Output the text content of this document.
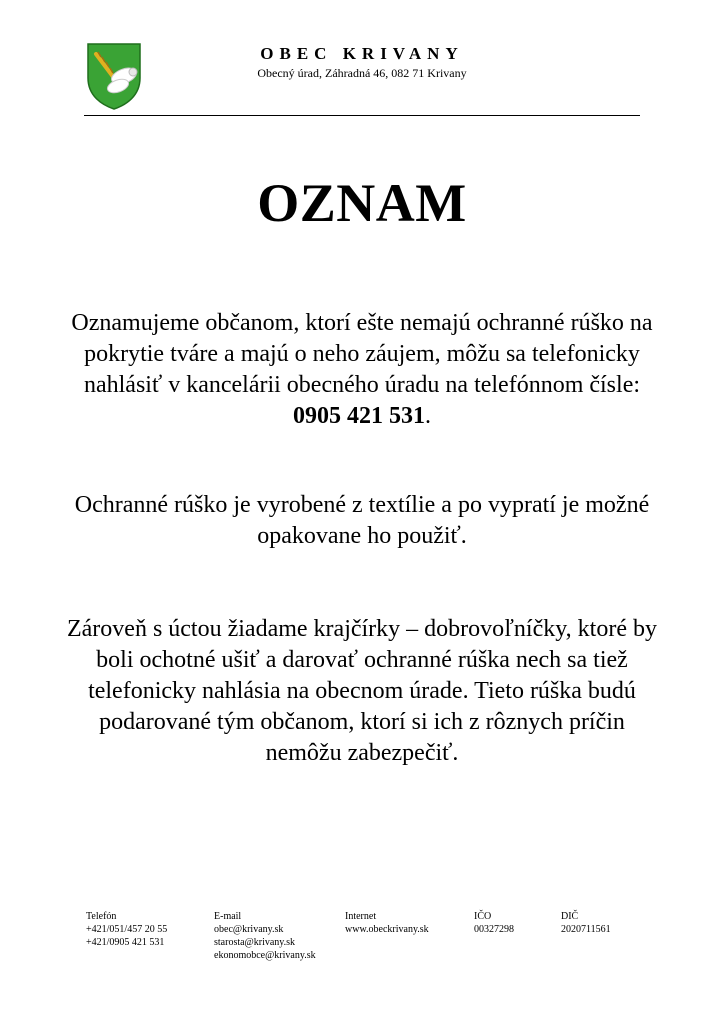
OBEC KRIVANY
Obecný úrad, Záhradná 46, 082 71 Krivany
OZNAM
Oznamujeme občanom, ktorí ešte nemajú ochranné rúško na pokrytie tváre a majú o neho záujem, môžu sa telefonicky nahlásiť v kancelárii obecného úradu na telefónnom čísle: 0905 421 531.
Ochranné rúško je vyrobené z textílie a po vypratí je možné opakovane ho použiť.
Zároveň s úctou žiadame krajčírky – dobrovoľníčky, ktoré by boli ochotné ušiť a darovať ochranné rúška nech sa tiež telefonicky nahlásia na obecnom úrade. Tieto rúška budú podarované tým občanom, ktorí si ich z rôznych príčin nemôžu zabezpečiť.
Telefón
+421/051/457 20 55
+421/0905 421 531
E-mail
obec@krivany.sk
starosta@krivany.sk
ekonomobce@krivany.sk
Internet
www.obeckrivany.sk
IČO
00327298
DIČ
2020711561
